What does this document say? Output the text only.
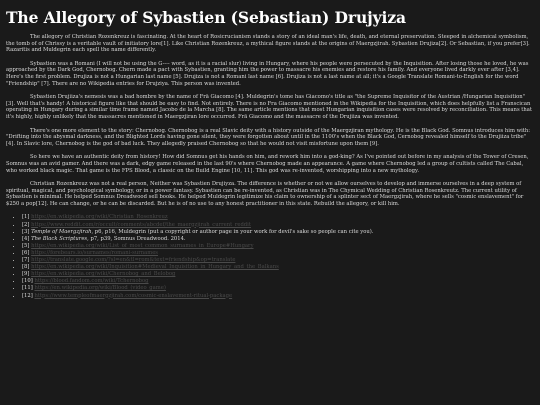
The Allegory of Sybastien (Sebastian) Drujyiza

The allegory of Christian Rozenkreuz is fascinating. At the heart of Rosicrucianism stands a story of an ideal man's life, death, and eternal preservation. Steeped in alchemical symbolism, the tomb of of Chrissy is a veritable vault of initiatory lore[1]. Like Christian Rozenkreuz, a mythical figure stands at the origins of Maergzjirah. Sybastien Drujiza[2]. Or Sebastian, if you prefer[3]. Razaritis and Muldegrin each spell the name differently.

Sybastien was a Romani (I will not be using the G---- word, as it is a racial slur) living in Hungary, where his people were persecuted by the Inquisition. After losing those he loved, he was approached by the Dark God, Chernobog. Chern made a pact with Sybastien, granting him the power to massacre his enemies and restore his family. And everyone lived darkly ever after [3,4]. Here's the first problem. Drujiza is not a Hungarian last name [5]. Drujiza is not a Romani last name [6]. Drujiza is not a last name at all; it's a Google Translate Romani-to-English for the word "Friendship" [7]. There are no Wikipedia entries for Drujziya. This person was invented.

Sybastien Drujiiza's nemesis was a bad hombre by the name of Frä Giacomo [4]. Muldegrin's tome has Giacomo's title as "the Supreme Inquisitor of the Austrian /Hungarian Inquisition" [3]. Well that's handy! A historical figure like that should be easy to find. Not entirely. There is no Fra Giacomo mentioned in the Wikipedia for the Inquisition, which does helpfully list a Franscican operating in Hungary during a similar time frame named Jacobo de la Marcha [8]. The same article mentions that most Hungarian inquisition cases were resolved by reconciliation. This means that it's highly, highly unlikely that the massacres mentioned in Maergzjiran lore occurred. Frä Giacomo and the massacre of the Drujiiza was invented.

There's one more element to the story: Chernobog. Chernobog is a real Slavic deity with a history outside of the Maergzjiran mythology. He is the Black God. Somnus introduces him with: "Drifting into the abysmal darkness, and the Blighted Lords having gone silent, they were forgotten about until in the 1100's when the Black God, Cernobog revealed himself to the Drujiiza tribe" [4]. In Slavic lore, Chernobog is the god of bad luck. They allegedly praised Chernobog so that he would not visit misfortune upon them [9].

So here we have an authentic deity from history! How did Somnus get his hands on him, and rework him into a god-king? As I've pointed out before in my analysis of the Tower of Cresen, Somnus was an avid gamer. And there was a dark, edgy game released in the last 90's where Chernobog made an appearance. A game where Chernobog led a group of cultists called The Cabal, who worked black magic. That game is the FPS Blood, a classic on the Build Engine [10, 11]. This god was re-invented, worshipping into a new mythology.

Christian Rozenkreuz was not a real person, Neither was Sybastien Drujiyza. The difference is whether or not we allow ourselves to develop and immerse ourselves in a deep system of spiritual, magical, and psychological symbology, or in a power fantasy. Sybastien can be re-invented, as Christian was in The Chymical Wedding of Christian Rosenkreutz. The current utility of Sybastien is minimal. He helped Somnus Dreadwood sell books. He helped Muldegrin legitimize his claim to ownership of a splinter sect of Maergzjirah, where he sells "cosmic enslavement" for $250 a pop[12]. He can change, or he can be discarded. But he is of no use to any honest practitioner in this state. Rebuild the allegory, or kill him.

• [1] https://en.wikipedia.org/wiki/Christian_Rosenkreuz
• [2] https://www.reddit.com/r/occult/comments/abcdef/the_maergzjirah_current_reddit
• [3] Temple of Maergzjirah, p6, p16, Muldegrin (put a copyright or author page in your work for devil's sake so people can cite you).
• [4] The Black Scriptures, p7, p39, Somnus Dreadwood. 2014.
• [5] https://en.wikipedia.org/wiki/List_of_most_common_surnames_in_Europe#Hungary
• [6] https://forebears.io/surnames/romani-surnames
• [7] https://translate.google.com/?sl=en&tl=rom&text=friendship&op=translate
• [8] https://en.wikipedia.org/wiki/Inquisition#Medieval_Inquisition_in_Hungary_and_the_Balkans
• [9] https://en.wikipedia.org/wiki/Chernobog_and_Belobog
• [10] https://blood.fandom.com/wiki/Tchernobog
• [11] https://en.wikipedia.org/wiki/Blood_(video_game)
• [12] https://www.templeofmaergzjirah.com/cosmic-enslavement-ritual-package
